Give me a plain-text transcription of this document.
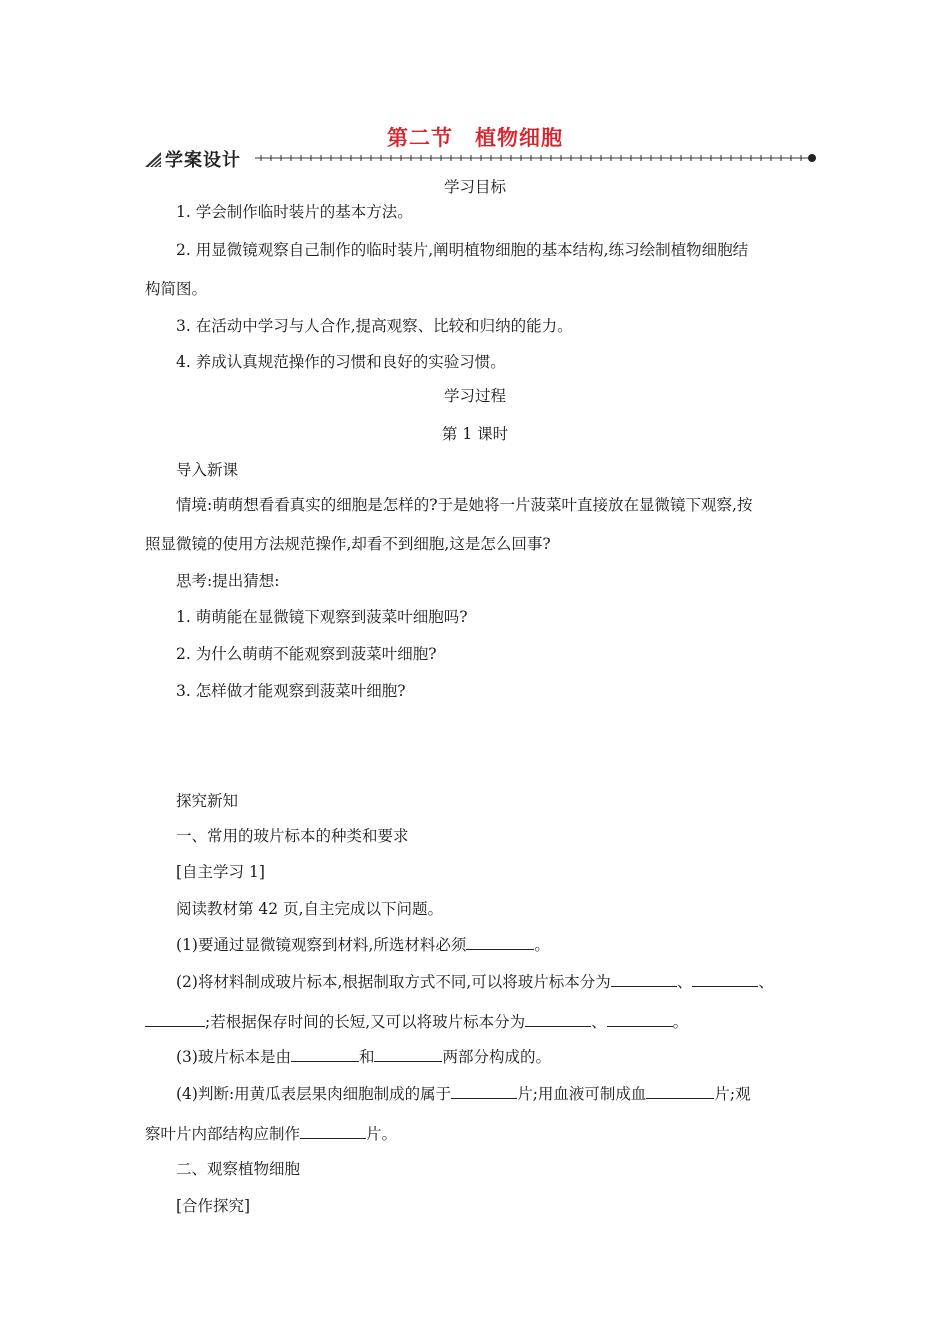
第二节　植物细胞
学案设计
学习目标
1. 学会制作临时装片的基本方法。
2. 用显微镜观察自己制作的临时装片,阐明植物细胞的基本结构,练习绘制植物细胞结
构简图。
3. 在活动中学习与人合作,提高观察、比较和归纳的能力。
4. 养成认真规范操作的习惯和良好的实验习惯。
学习过程
第 1 课时
导入新课
情境:萌萌想看看真实的细胞是怎样的?于是她将一片菠菜叶直接放在显微镜下观察,按
照显微镜的使用方法规范操作,却看不到细胞,这是怎么回事?
思考:提出猜想:
1. 萌萌能在显微镜下观察到菠菜叶细胞吗?
2. 为什么萌萌不能观察到菠菜叶细胞?
3. 怎样做才能观察到菠菜叶细胞?
探究新知
一、常用的玻片标本的种类和要求
[自主学习 1]
阅读教材第 42 页,自主完成以下问题。
(1)要通过显微镜观察到材料,所选材料必须	。
(2)将材料制成玻片标本,根据制取方式不同,可以将玻片标本分为	、	、
;若根据保存时间的长短,又可以将玻片标本分为	、	。
(3)玻片标本是由	和	两部分构成的。
(4)判断:用黄瓜表层果肉细胞制成的属于	片;用血液可制成血	片;观
察叶片内部结构应制作	片。
二、观察植物细胞
[合作探究]
